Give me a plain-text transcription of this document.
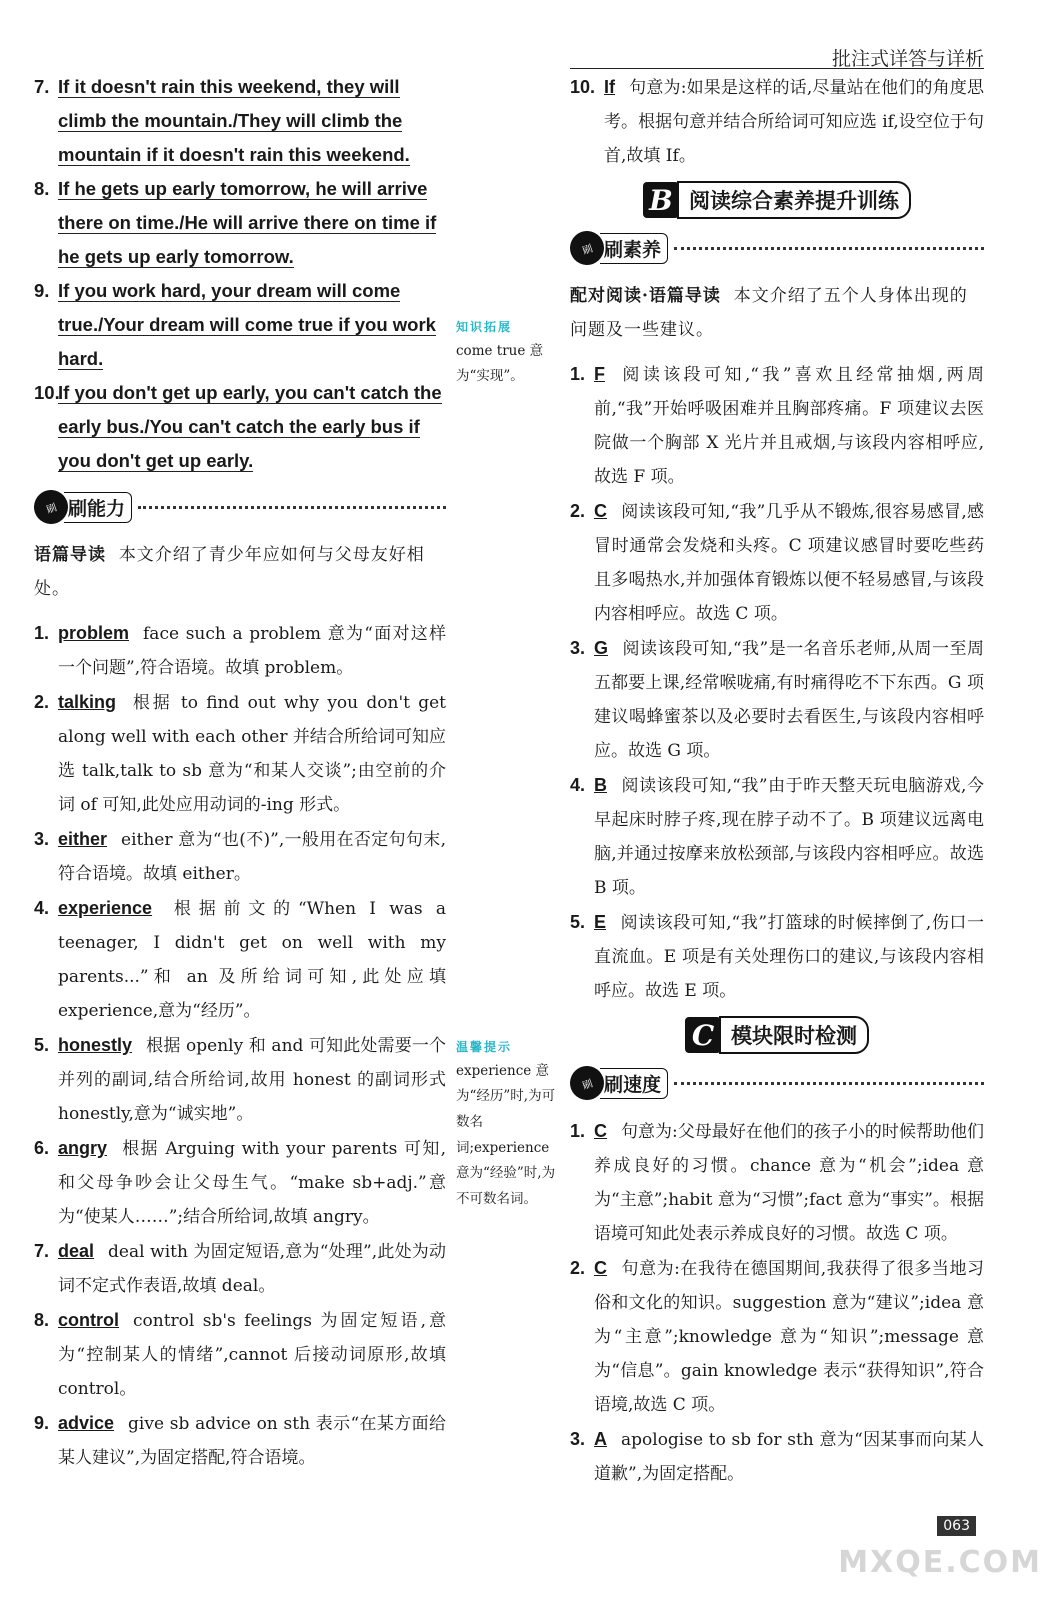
批注式详答与详析
7. If it doesn't rain this weekend, they will climb the mountain./They will climb the mountain if it doesn't rain this weekend.
8. If he gets up early tomorrow, he will arrive there on time./He will arrive there on time if he gets up early tomorrow.
9. If you work hard, your dream will come true./Your dream will come true if you work hard.
10.
If you don't get up early, you can't catch the early bus./You can't catch the early bus if you don't get up early.
刷 刷能力
语篇导读 本文介绍了青少年应如何与父母友好相处。
1. problem face such a problem 意为“面对这样一个问题”,符合语境。故填 problem。
2. talking 根据 to find out why you don't get along well with each other 并结合所给词可知应选 talk,talk to sb 意为“和某人交谈”;由空前的介词 of 可知,此处应用动词的-ing 形式。
3. either either 意为“也(不)”,一般用在否定句句末,符合语境。故填 either。
4. experience 根据前文的“When I was a teenager, I didn't get on well with my parents...”和 an 及所给词可知,此处应填 experience,意为“经历”。
5. honestly 根据 openly 和 and 可知此处需要一个并列的副词,结合所给词,故用 honest 的副词形式 honestly,意为“诚实地”。
6. angry 根据 Arguing with your parents 可知,和父母争吵会让父母生气。“make sb+adj.”意为“使某人……”;结合所给词,故填 angry。
7. deal deal with 为固定短语,意为“处理”,此处为动词不定式作表语,故填 deal。
8. control control sb's feelings 为固定短语,意为“控制某人的情绪”,cannot 后接动词原形,故填 control。
9. advice give sb advice on sth 表示“在某方面给某人建议”,为固定搭配,符合语境。
知识拓展
come true 意为“实现”。
温馨提示
experience 意为“经历”时,为可数名词;experience 意为“经验”时,为不可数名词。
10. If 句意为:如果是这样的话,尽量站在他们的角度思考。根据句意并结合所给词可知应选 if,设空位于句首,故填 If。
B 阅读综合素养提升训练
刷 刷素养
配对阅读·语篇导读 本文介绍了五个人身体出现的问题及一些建议。
1. F 阅读该段可知,“我”喜欢且经常抽烟,两周前,“我”开始呼吸困难并且胸部疼痛。F 项建议去医院做一个胸部 X 光片并且戒烟,与该段内容相呼应,故选 F 项。
2. C 阅读该段可知,“我”几乎从不锻炼,很容易感冒,感冒时通常会发烧和头疼。C 项建议感冒时要吃些药且多喝热水,并加强体育锻炼以便不轻易感冒,与该段内容相呼应。故选 C 项。
3. G 阅读该段可知,“我”是一名音乐老师,从周一至周五都要上课,经常喉咙痛,有时痛得吃不下东西。G 项建议喝蜂蜜茶以及必要时去看医生,与该段内容相呼应。故选 G 项。
4. B 阅读该段可知,“我”由于昨天整天玩电脑游戏,今早起床时脖子疼,现在脖子动不了。B 项建议远离电脑,并通过按摩来放松颈部,与该段内容相呼应。故选 B 项。
5. E 阅读该段可知,“我”打篮球的时候摔倒了,伤口一直流血。E 项是有关处理伤口的建议,与该段内容相呼应。故选 E 项。
C 模块限时检测
刷 刷速度
1. C 句意为:父母最好在他们的孩子小的时候帮助他们养成良好的习惯。chance 意为“机会”;idea 意为“主意”;habit 意为“习惯”;fact 意为“事实”。根据语境可知此处表示养成良好的习惯。故选 C 项。
2. C 句意为:在我待在德国期间,我获得了很多当地习俗和文化的知识。suggestion 意为“建议”;idea 意为“主意”;knowledge 意为“知识”;message 意为“信息”。gain knowledge 表示“获得知识”,符合语境,故选 C 项。
3. A apologise to sb for sth 意为“因某事而向某人道歉”,为固定搭配。
063
MXQE.COM
